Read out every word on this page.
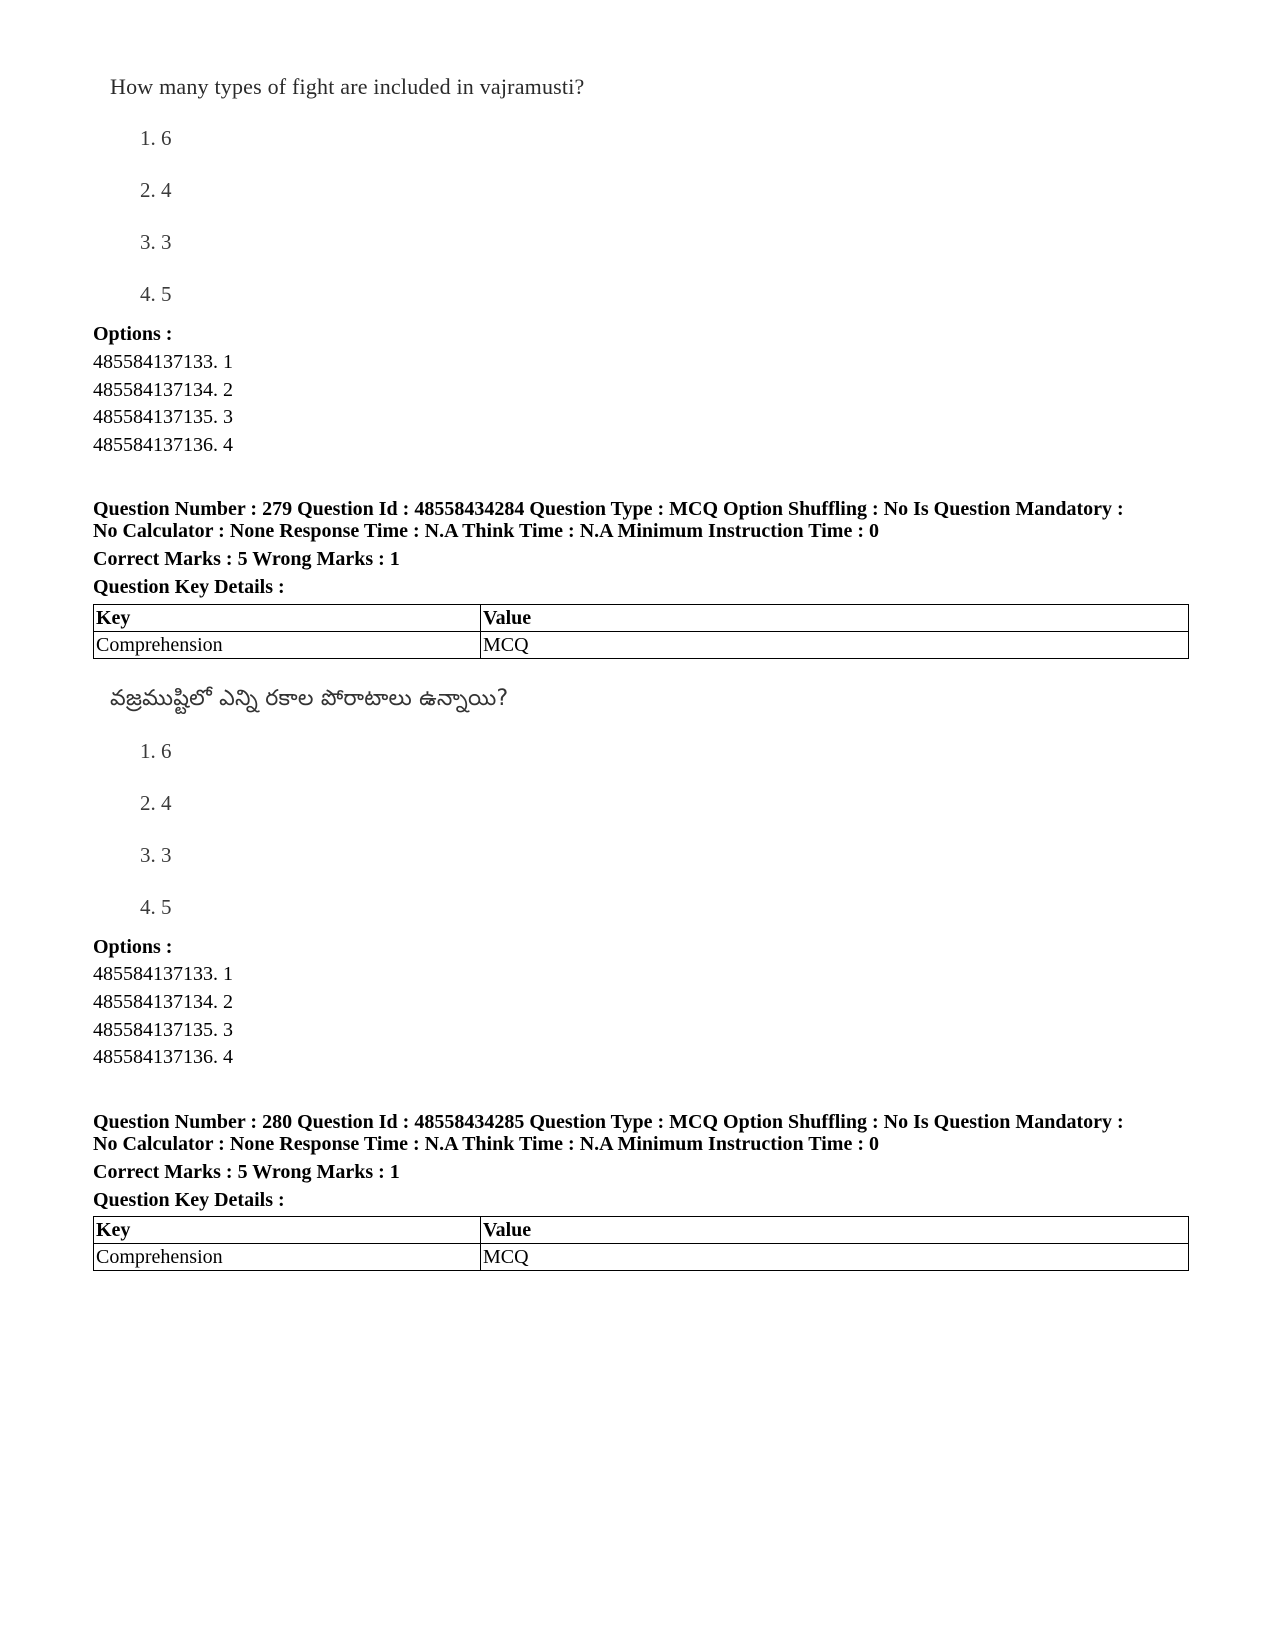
How many types of fight are included in vajramusti?
1. 6
2. 4
3. 3
4. 5
Options :
485584137133. 1
485584137134. 2
485584137135. 3
485584137136. 4
Question Number : 279 Question Id : 48558434284 Question Type : MCQ Option Shuffling : No Is Question Mandatory :
No Calculator : None Response Time : N.A Think Time : N.A Minimum Instruction Time : 0
Correct Marks : 5 Wrong Marks : 1
Question Key Details :
Key	Value
Comprehension	MCQ
వజ్రముష్టిలో ఎన్ని రకాల పోరాటాలు ఉన్నాయి?
1. 6
2. 4
3. 3
4. 5
Options :
485584137133. 1
485584137134. 2
485584137135. 3
485584137136. 4
Question Number : 280 Question Id : 48558434285 Question Type : MCQ Option Shuffling : No Is Question Mandatory :
No Calculator : None Response Time : N.A Think Time : N.A Minimum Instruction Time : 0
Correct Marks : 5 Wrong Marks : 1
Question Key Details :
Key	Value
Comprehension	MCQ
